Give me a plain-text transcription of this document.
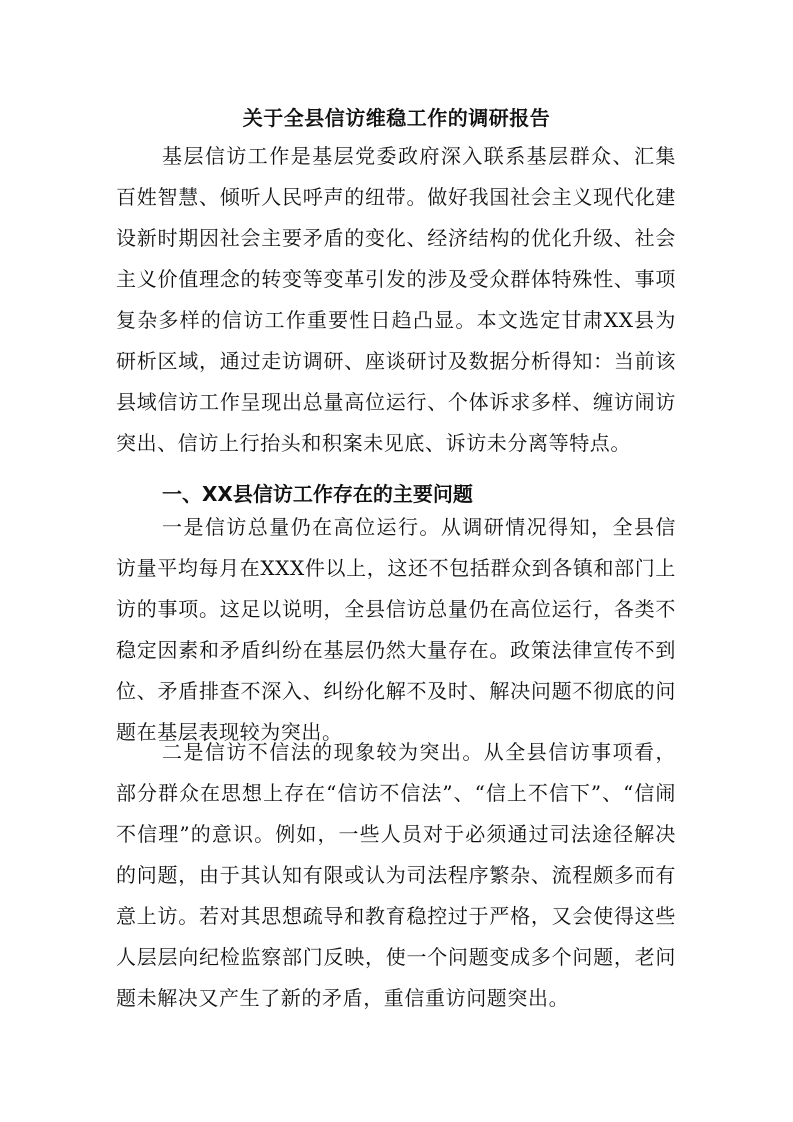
关于全县信访维稳工作的调研报告

基层信访工作是基层党委政府深入联系基层群众、汇集百姓智慧、倾听人民呼声的纽带。做好我国社会主义现代化建设新时期因社会主要矛盾的变化、经济结构的优化升级、社会主义价值理念的转变等变革引发的涉及受众群体特殊性、事项复杂多样的信访工作重要性日趋凸显。本文选定甘肃XX县为研析区域，通过走访调研、座谈研讨及数据分析得知：当前该县域信访工作呈现出总量高位运行、个体诉求多样、缠访闹访突出、信访上行抬头和积案未见底、诉访未分离等特点。

一、XX县信访工作存在的主要问题

一是信访总量仍在高位运行。从调研情况得知，全县信访量平均每月在XXX件以上，这还不包括群众到各镇和部门上访的事项。这足以说明，全县信访总量仍在高位运行，各类不稳定因素和矛盾纠纷在基层仍然大量存在。政策法律宣传不到位、矛盾排查不深入、纠纷化解不及时、解决问题不彻底的问题在基层表现较为突出。

二是信访不信法的现象较为突出。从全县信访事项看，部分群众在思想上存在“信访不信法”、“信上不信下”、“信闹不信理”的意识。例如，一些人员对于必须通过司法途径解决的问题，由于其认知有限或认为司法程序繁杂、流程颇多而有意上访。若对其思想疏导和教育稳控过于严格，又会使得这些人层层向纪检监察部门反映，使一个问题变成多个问题，老问题未解决又产生了新的矛盾，重信重访问题突出。
